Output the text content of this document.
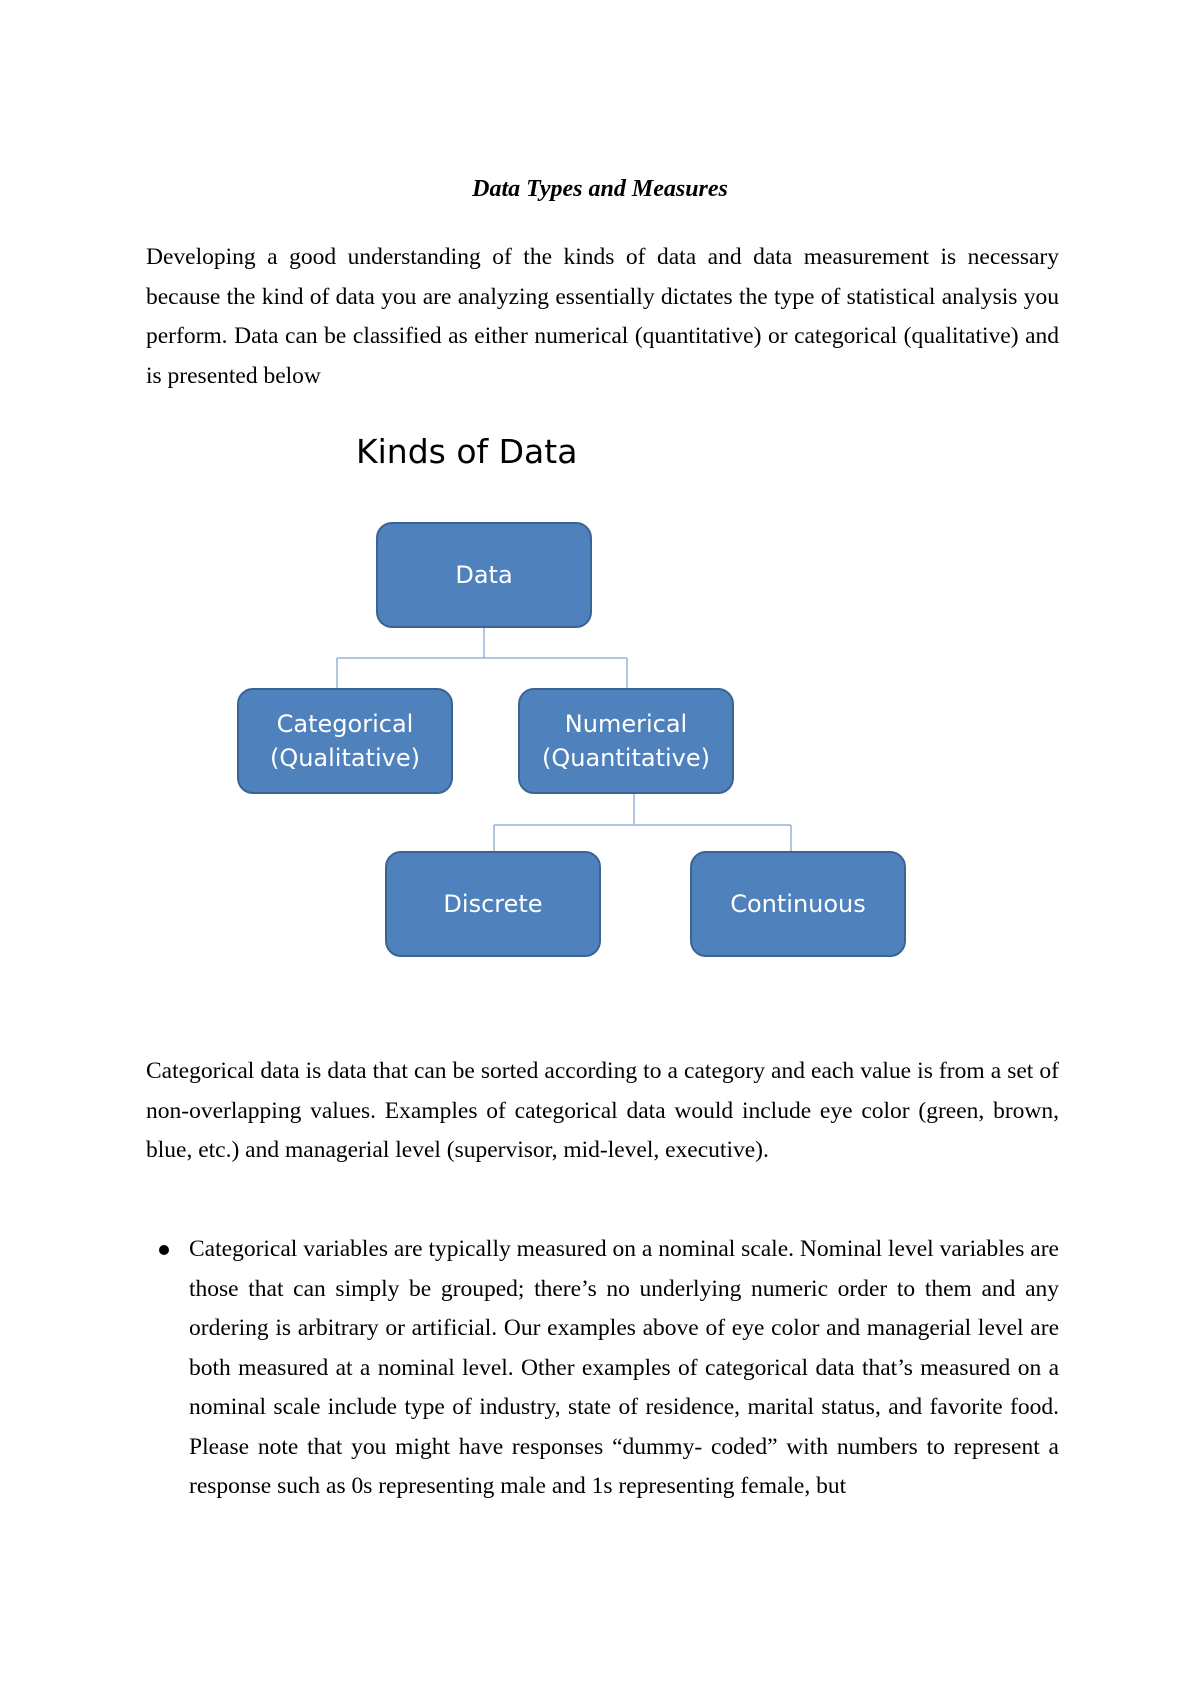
Data Types and Measures

Developing a good understanding of the kinds of data and data measurement is necessary because the kind of data you are analyzing essentially dictates the type of statistical analysis you perform. Data can be classified as either numerical (quantitative) or categorical (qualitative) and is presented below

Kinds of Data
Data
Categorical
(Qualitative)
Numerical
(Quantitative)
Discrete	Continuous

Categorical data is data that can be sorted according to a category and each value is from a set of non-overlapping values. Examples of categorical data would include eye color (green, brown, blue, etc.) and managerial level (supervisor, mid-level, executive).

Categorical variables are typically measured on a nominal scale. Nominal level variables are those that can simply be grouped; there’s no underlying numeric order to them and any ordering is arbitrary or artificial. Our examples above of eye color and managerial level are both measured at a nominal level. Other examples of categorical data that’s measured on a nominal scale include type of industry, state of residence, marital status, and favorite food. Please note that you might have responses “dummy- coded” with numbers to represent a response such as 0s representing male and 1s representing female, but
